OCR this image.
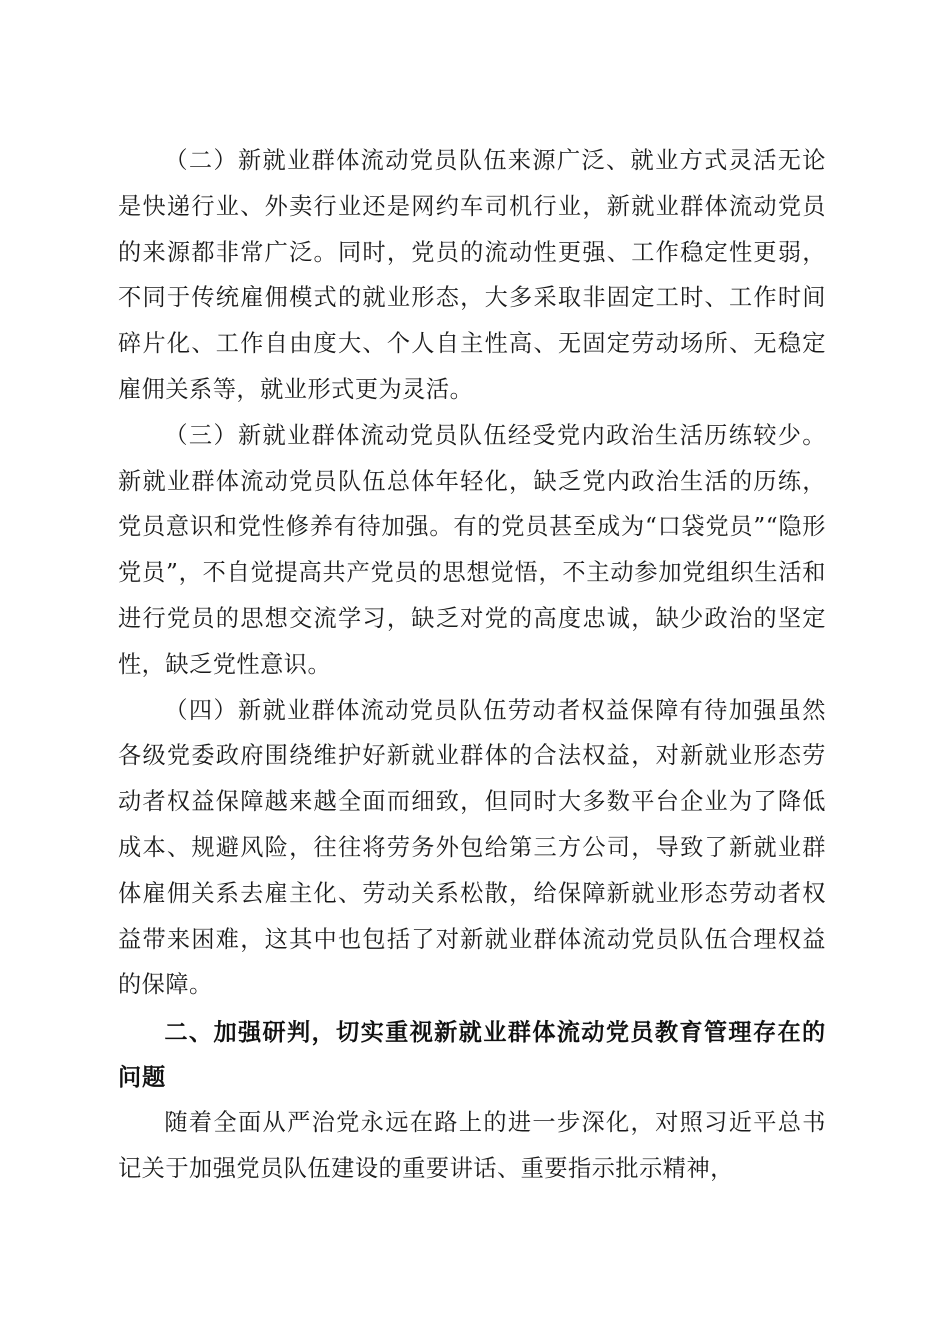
（二）新就业群体流动党员队伍来源广泛、就业方式灵活无论是快递行业、外卖行业还是网约车司机行业，新就业群体流动党员的来源都非常广泛。同时，党员的流动性更强、工作稳定性更弱，不同于传统雇佣模式的就业形态，大多采取非固定工时、工作时间碎片化、工作自由度大、个人自主性高、无固定劳动场所、无稳定雇佣关系等，就业形式更为灵活。

（三）新就业群体流动党员队伍经受党内政治生活历练较少。新就业群体流动党员队伍总体年轻化，缺乏党内政治生活的历练，党员意识和党性修养有待加强。有的党员甚至成为“口袋党员”“隐形党员”，不自觉提高共产党员的思想觉悟，不主动参加党组织生活和进行党员的思想交流学习，缺乏对党的高度忠诚，缺少政治的坚定性，缺乏党性意识。

（四）新就业群体流动党员队伍劳动者权益保障有待加强虽然各级党委政府围绕维护好新就业群体的合法权益，对新就业形态劳动者权益保障越来越全面而细致，但同时大多数平台企业为了降低成本、规避风险，往往将劳务外包给第三方公司，导致了新就业群体雇佣关系去雇主化、劳动关系松散，给保障新就业形态劳动者权益带来困难，这其中也包括了对新就业群体流动党员队伍合理权益的保障。

二、加强研判，切实重视新就业群体流动党员教育管理存在的问题

随着全面从严治党永远在路上的进一步深化，对照习近平总书记关于加强党员队伍建设的重要讲话、重要指示批示精神，
